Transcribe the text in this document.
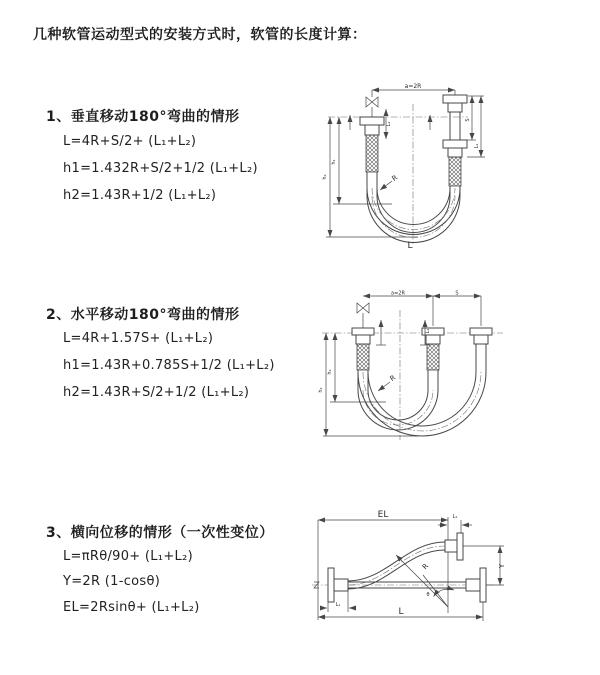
几种软管运动型式的安装方式时，软管的长度计算：
1、垂直移动180°弯曲的情形
L=4R+S/2+ (L₁+L₂)
h1=1.432R+S/2+1/2 (L₁+L₂)
h2=1.43R+1/2 (L₁+L₂)
2、水平移动180°弯曲的情形
L=4R+1.57S+ (L₁+L₂)
h1=1.43R+0.785S+1/2 (L₁+L₂)
h2=1.43R+S/2+1/2 (L₁+L₂)
3、横向位移的情形（一次性变位）
L=πRθ/90+ (L₁+L₂)
Y=2R (1-cosθ)
EL=2Rsinθ+ (L₁+L₂)
a=2R
L₁
S
L₁
h₂
h₁
R
L
a=2R	S
L₁
h₂
h₁
R
EL	L₁
Y
R
θ
L
L₁
